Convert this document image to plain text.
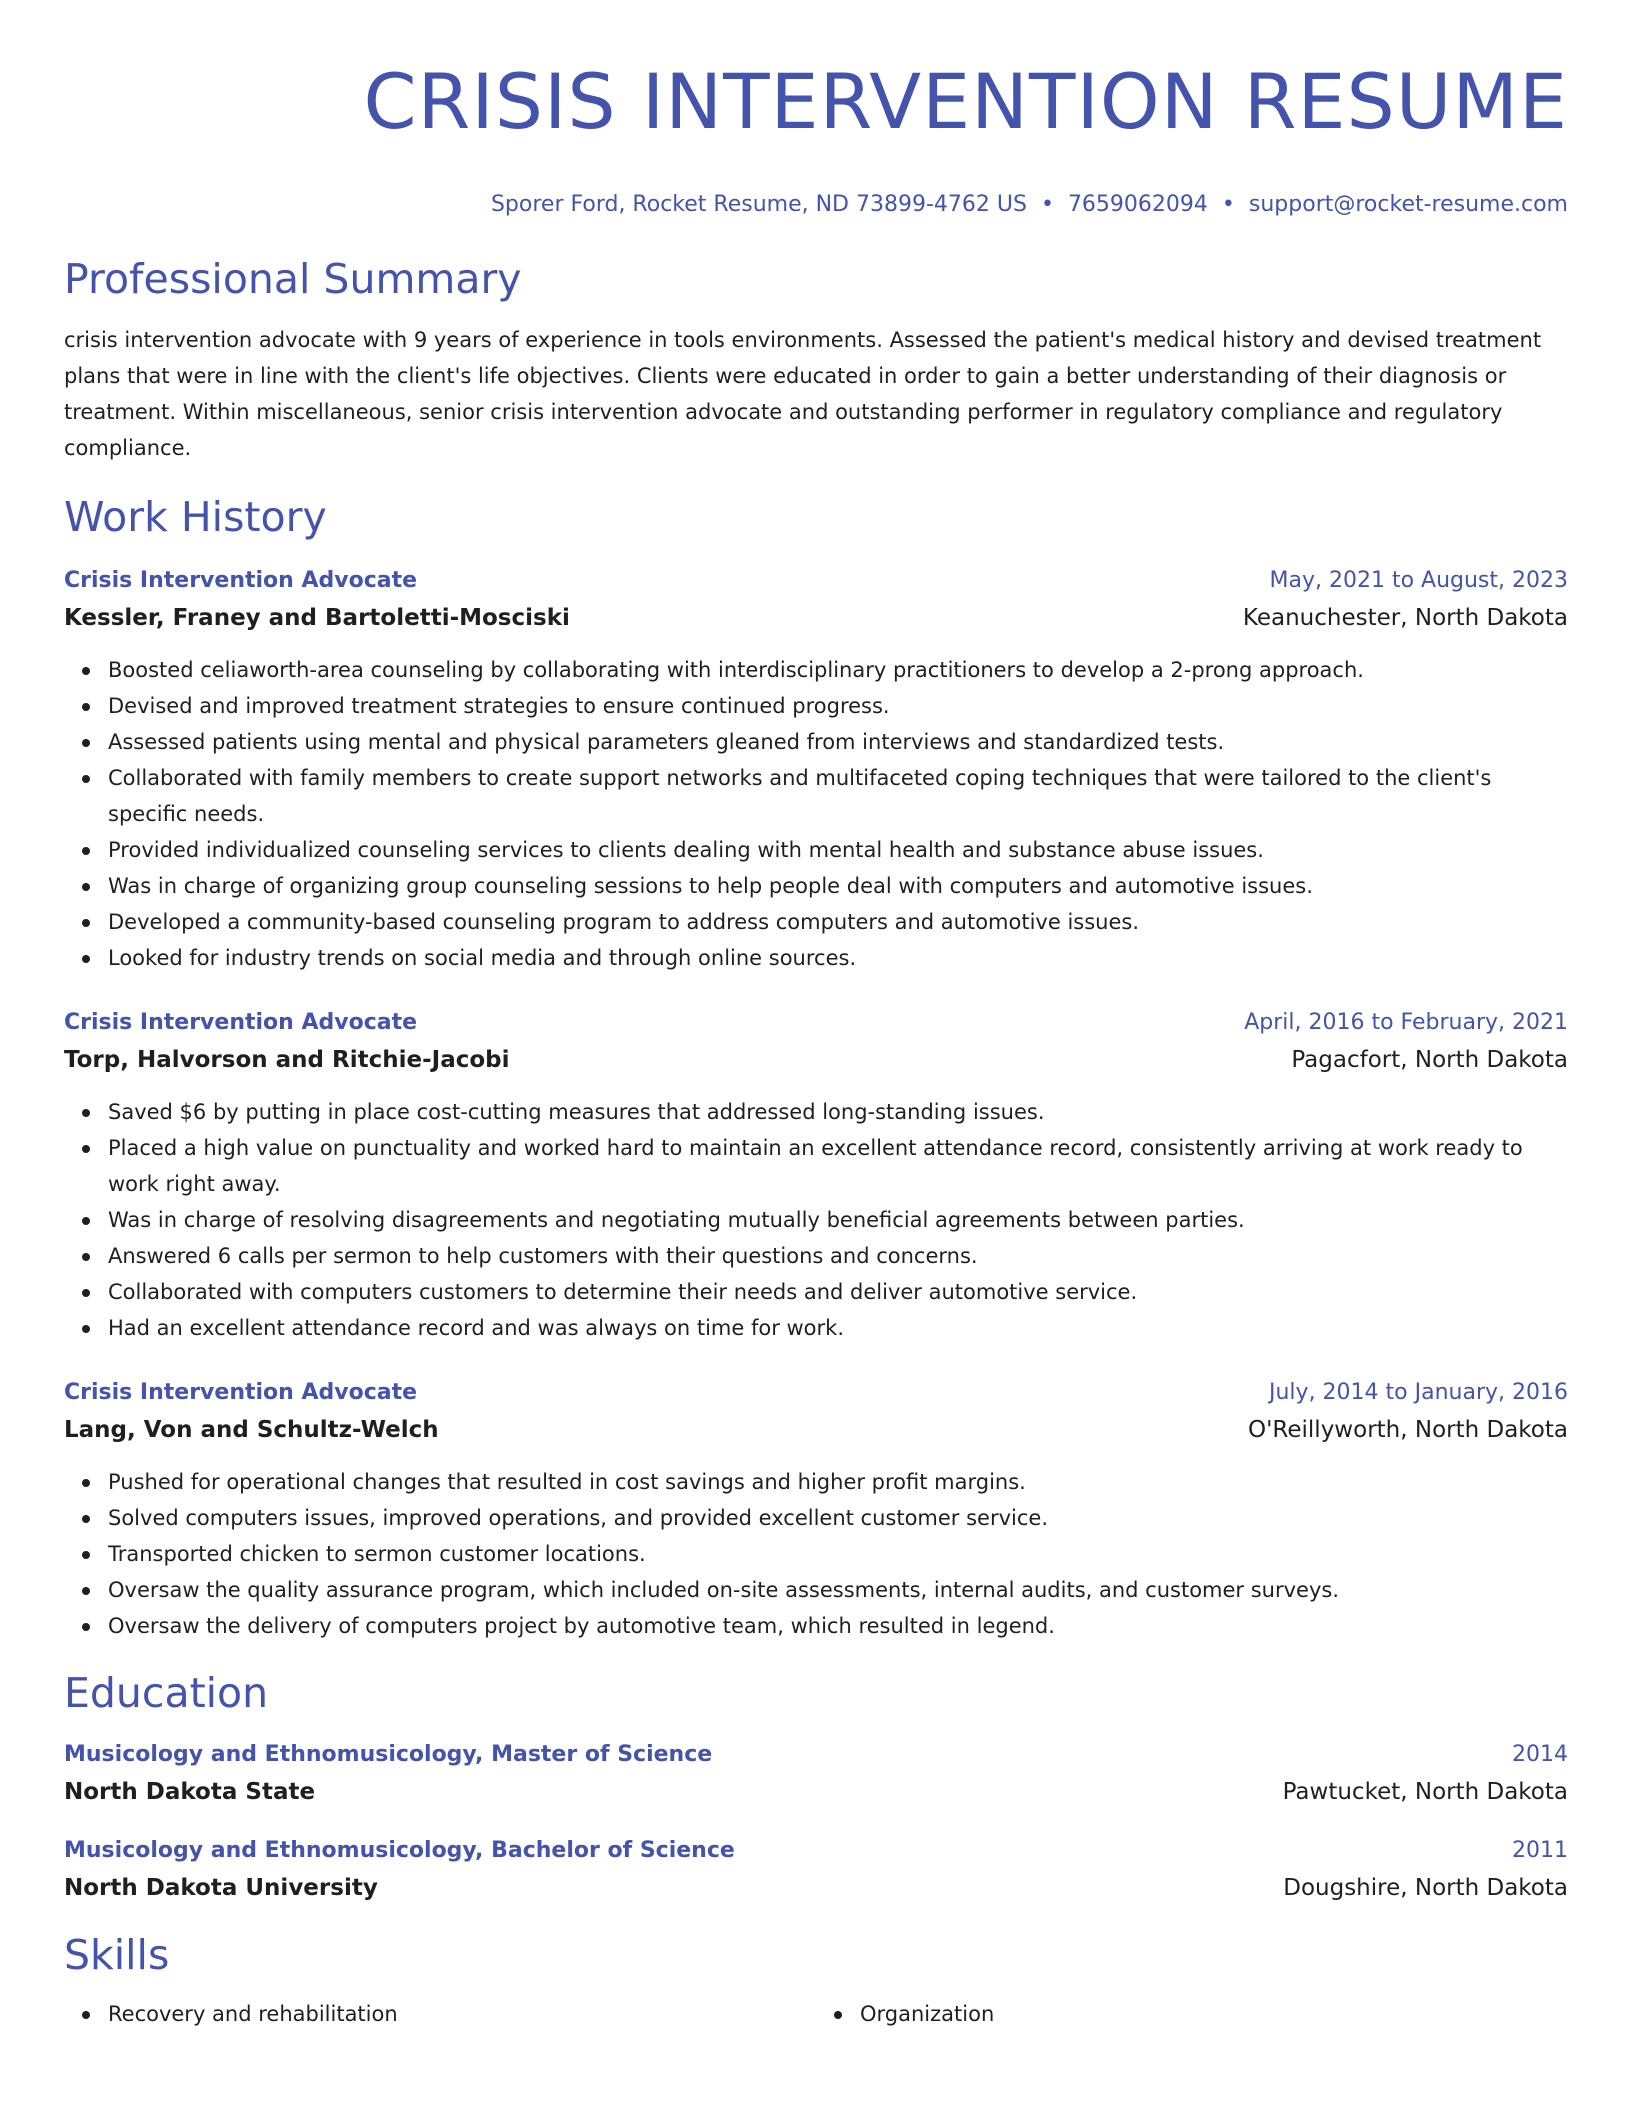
CRISIS INTERVENTION RESUME
Sporer Ford, Rocket Resume, ND 73899-4762 US • 7659062094 • support@rocket-resume.com
Professional Summary
crisis intervention advocate with 9 years of experience in tools environments. Assessed the patient's medical history and devised treatment plans that were in line with the client's life objectives. Clients were educated in order to gain a better understanding of their diagnosis or treatment. Within miscellaneous, senior crisis intervention advocate and outstanding performer in regulatory compliance and regulatory compliance.
Work History
Crisis Intervention Advocate	May, 2021 to August, 2023
Kessler, Franey and Bartoletti-Mosciski	Keanuchester, North Dakota
Boosted celiaworth-area counseling by collaborating with interdisciplinary practitioners to develop a 2-prong approach.
Devised and improved treatment strategies to ensure continued progress.
Assessed patients using mental and physical parameters gleaned from interviews and standardized tests.
Collaborated with family members to create support networks and multifaceted coping techniques that were tailored to the client's specific needs.
Provided individualized counseling services to clients dealing with mental health and substance abuse issues.
Was in charge of organizing group counseling sessions to help people deal with computers and automotive issues.
Developed a community-based counseling program to address computers and automotive issues.
Looked for industry trends on social media and through online sources.
Crisis Intervention Advocate	April, 2016 to February, 2021
Torp, Halvorson and Ritchie-Jacobi	Pagacfort, North Dakota
Saved $6 by putting in place cost-cutting measures that addressed long-standing issues.
Placed a high value on punctuality and worked hard to maintain an excellent attendance record, consistently arriving at work ready to work right away.
Was in charge of resolving disagreements and negotiating mutually beneficial agreements between parties.
Answered 6 calls per sermon to help customers with their questions and concerns.
Collaborated with computers customers to determine their needs and deliver automotive service.
Had an excellent attendance record and was always on time for work.
Crisis Intervention Advocate	July, 2014 to January, 2016
Lang, Von and Schultz-Welch	O'Reillyworth, North Dakota
Pushed for operational changes that resulted in cost savings and higher profit margins.
Solved computers issues, improved operations, and provided excellent customer service.
Transported chicken to sermon customer locations.
Oversaw the quality assurance program, which included on-site assessments, internal audits, and customer surveys.
Oversaw the delivery of computers project by automotive team, which resulted in legend.
Education
Musicology and Ethnomusicology, Master of Science	2014
North Dakota State	Pawtucket, North Dakota
Musicology and Ethnomusicology, Bachelor of Science	2011
North Dakota University	Dougshire, North Dakota
Skills
Recovery and rehabilitation	Organization
